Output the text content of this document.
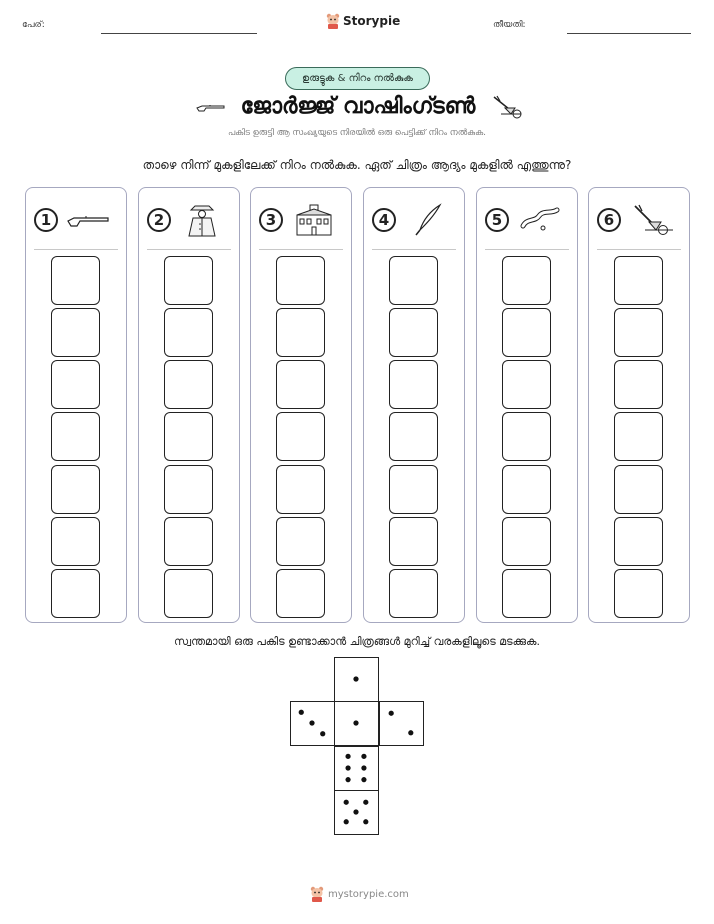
പേര്:	Storypie	തീയതി:
ഉരുട്ടുക & നിറം നൽകുക
ജോർജ്ജ് വാഷിംഗ്ടൺ
പകിട ഉരുട്ടി ആ സംഖ്യയുടെ നിരയിൽ ഒരു പെട്ടിക്ക് നിറം നൽകുക.
താഴെ നിന്ന് മുകളിലേക്ക് നിറം നൽകുക. ഏത് ചിത്രം ആദ്യം മുകളിൽ എത്തുന്നു?
1	2	3	4	5	6
സ്വന്തമായി ഒരു പകിട ഉണ്ടാക്കാൻ ചിത്രങ്ങൾ മുറിച്ച് വരകളിലൂടെ മടക്കുക.
mystorypie.com
